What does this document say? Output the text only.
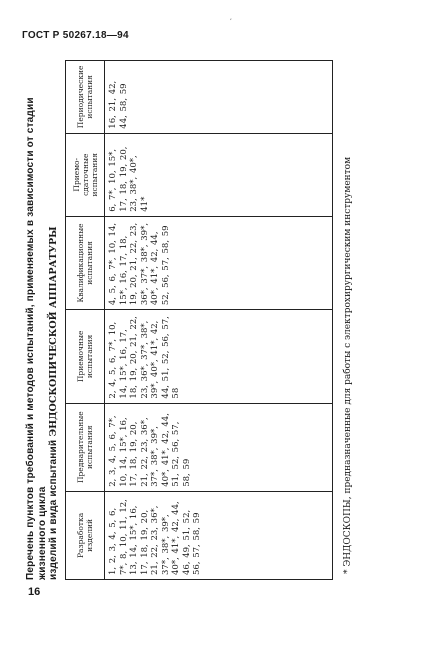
ГОСТ Р 50267.18—94
,
Перечень пунктов требований и методов испытаний, применяемых в зависимости от стадии жизненного цикла изделий и вида испытаний ЭНДОСКОПИЧЕСКОЙ АППАРАТУРЫ
Разработка изделий	Предварительные испытания	Приемочные испытания	Квалификационные испытания	Приемо-сдаточные испытания	Периодические испытания
1, 2, 3, 4, 5, 6, 7*, 8, 10, 11, 12, 13, 14, 15*, 16, 17, 18, 19, 20, 21, 22, 23, 36*, 37*, 38*, 39*, 40*, 41*, 42, 44, 46, 49, 51, 52, 56, 57, 58, 59	2, 3, 4, 5, 6, 7*, 10, 14, 15*, 16, 17, 18, 19, 20, 21, 22, 23, 36*, 37*, 38*, 39*, 40*, 41*, 42, 44, 51, 52, 56, 57, 58, 59	2, 4, 5, 6, 7*, 10, 14, 15*, 16, 17, 18, 19, 20, 21, 22, 23, 36*, 37*, 38*, 39*, 40*, 41*, 42, 44, 51, 52, 56, 57, 58	4, 5, 6, 7*, 10, 14, 15*, 16, 17, 18, 19, 20, 21, 22, 23, 36*, 37*, 38*, 39*, 40*, 41*, 42, 44, 52, 56, 57, 58, 59	6, 7*, 10, 15*, 17, 18, 19, 20, 23, 38*, 40*, 41*	16, 21, 42, 44, 58, 59
* ЭНДОСКОПЫ, предназначенные для работы с электрохирургическим инструментом
16
